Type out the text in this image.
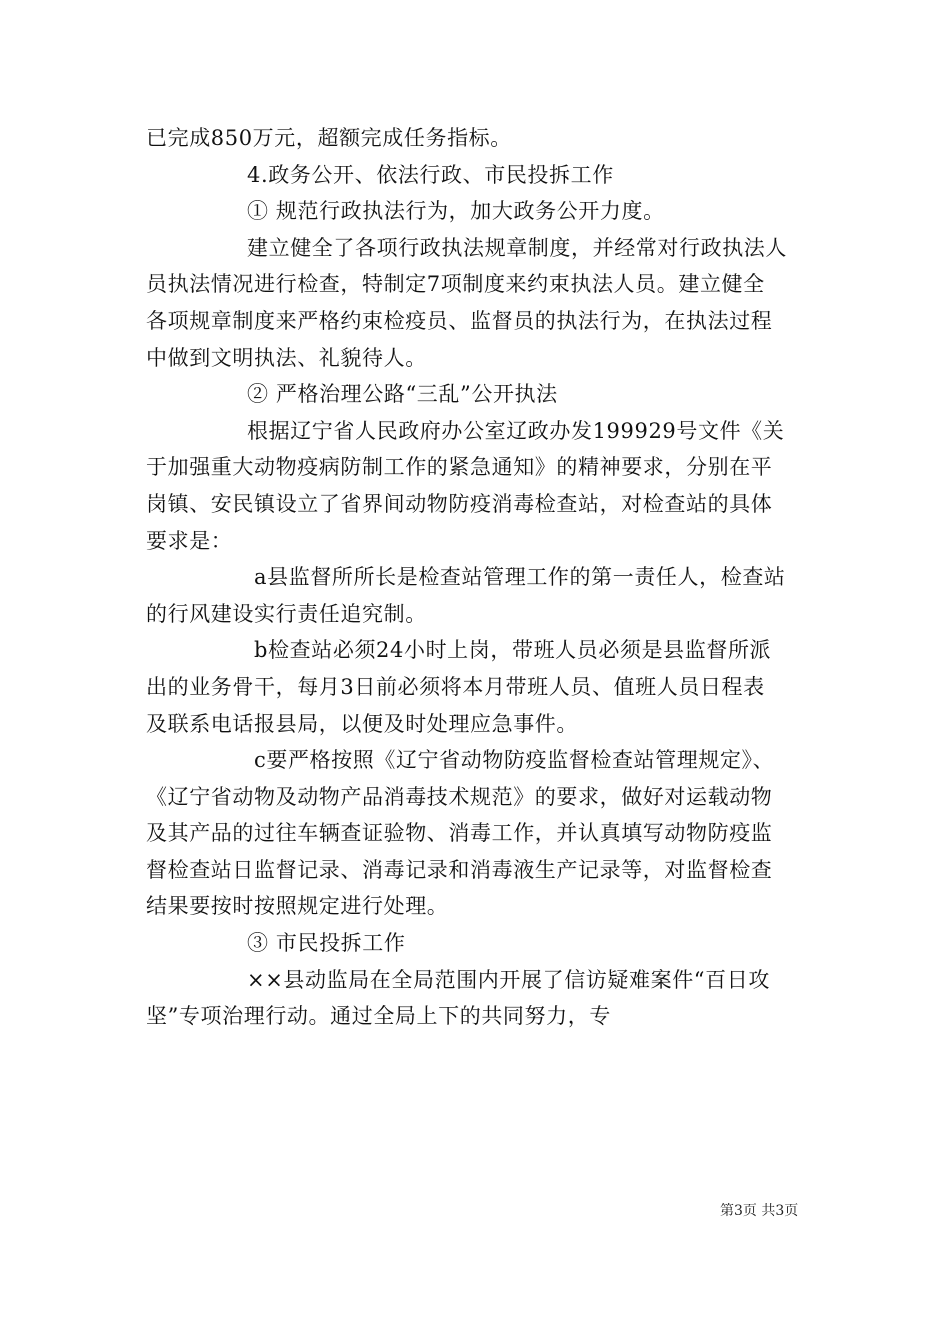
已完成850万元，超额完成任务指标。
4.政务公开、依法行政、市民投拆工作
① 规范行政执法行为，加大政务公开力度。
建立健全了各项行政执法规章制度，并经常对行政执法人
员执法情况进行检查，特制定7项制度来约束执法人员。建立健全
各项规章制度来严格约束检疫员、监督员的执法行为，在执法过程
中做到文明执法、礼貌待人。
② 严格治理公路“三乱”公开执法
根据辽宁省人民政府办公室辽政办发199929号文件《关
于加强重大动物疫病防制工作的紧急通知》的精神要求，分别在平
岗镇、安民镇设立了省界间动物防疫消毒检查站，对检查站的具体
要求是：
a县监督所所长是检查站管理工作的第一责任人，检查站
的行风建设实行责任追究制。
b检查站必须24小时上岗，带班人员必须是县监督所派
出的业务骨干，每月3日前必须将本月带班人员、值班人员日程表
及联系电话报县局，以便及时处理应急事件。
c要严格按照《辽宁省动物防疫监督检查站管理规定》、
《辽宁省动物及动物产品消毒技术规范》的要求，做好对运载动物
及其产品的过往车辆查证验物、消毒工作，并认真填写动物防疫监
督检查站日监督记录、消毒记录和消毒液生产记录等，对监督检查
结果要按时按照规定进行处理。
③ 市民投拆工作
××县动监局在全局范围内开展了信访疑难案件“百日攻
坚”专项治理行动。通过全局上下的共同努力，专
第3页 共3页
